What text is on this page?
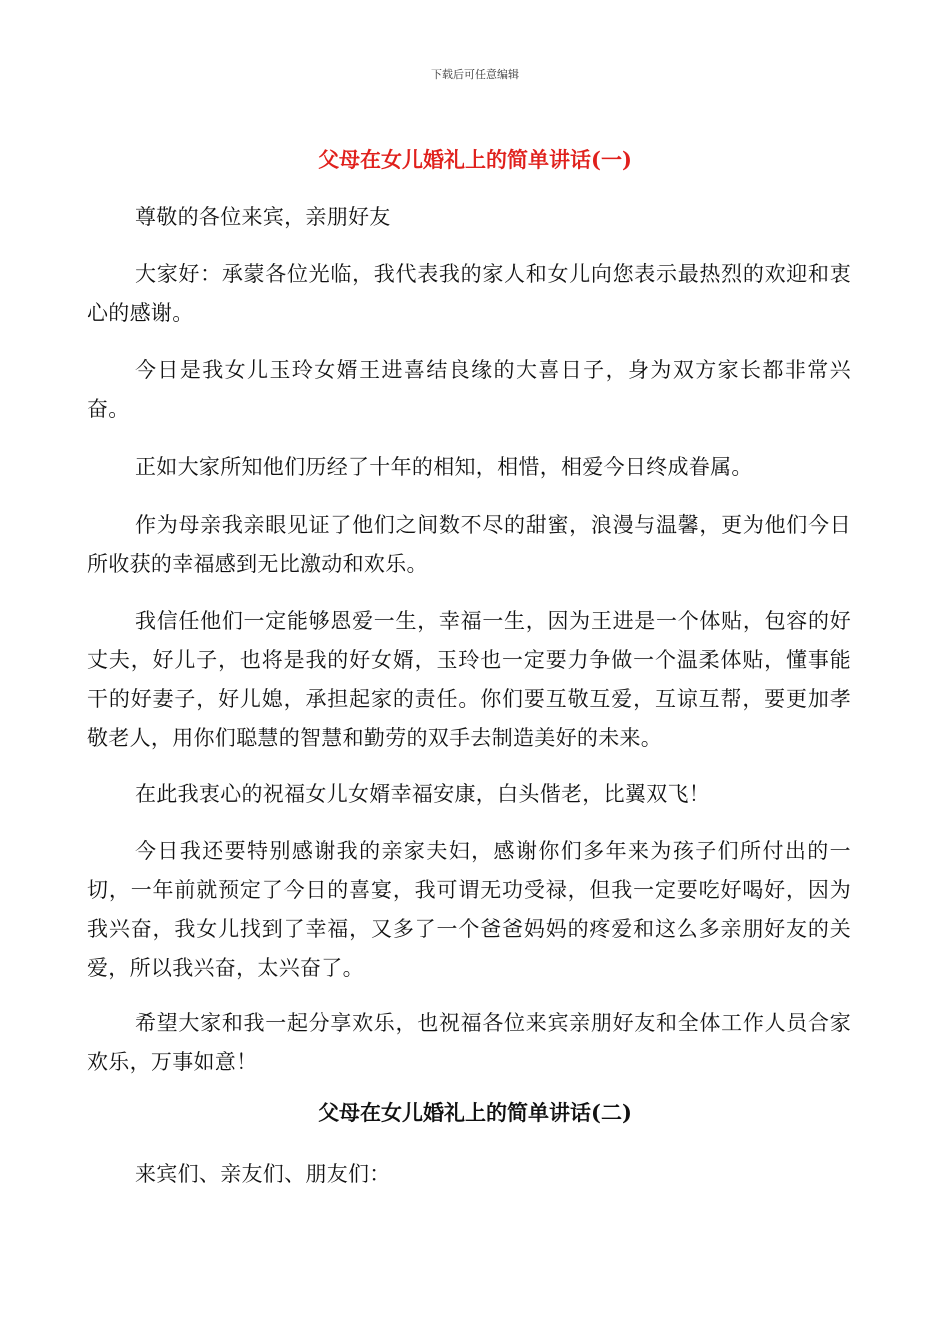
下载后可任意编辑
父母在女儿婚礼上的简单讲话(一)

尊敬的各位来宾，亲朋好友

大家好：承蒙各位光临，我代表我的家人和女儿向您表示最热烈的欢迎和衷心的感谢。

今日是我女儿玉玲女婿王进喜结良缘的大喜日子，身为双方家长都非常兴奋。

正如大家所知他们历经了十年的相知，相惜，相爱今日终成眷属。

作为母亲我亲眼见证了他们之间数不尽的甜蜜，浪漫与温馨，更为他们今日所收获的幸福感到无比激动和欢乐。

我信任他们一定能够恩爱一生，幸福一生，因为王进是一个体贴，包容的好丈夫，好儿子，也将是我的好女婿，玉玲也一定要力争做一个温柔体贴，懂事能干的好妻子，好儿媳，承担起家的责任。你们要互敬互爱，互谅互帮，要更加孝敬老人，用你们聪慧的智慧和勤劳的双手去制造美好的未来。

在此我衷心的祝福女儿女婿幸福安康，白头偕老，比翼双飞！

今日我还要特别感谢我的亲家夫妇，感谢你们多年来为孩子们所付出的一切，一年前就预定了今日的喜宴，我可谓无功受禄，但我一定要吃好喝好，因为我兴奋，我女儿找到了幸福，又多了一个爸爸妈妈的疼爱和这么多亲朋好友的关爱，所以我兴奋，太兴奋了。

希望大家和我一起分享欢乐，也祝福各位来宾亲朋好友和全体工作人员合家欢乐，万事如意！

父母在女儿婚礼上的简单讲话(二)

来宾们、亲友们、朋友们：
